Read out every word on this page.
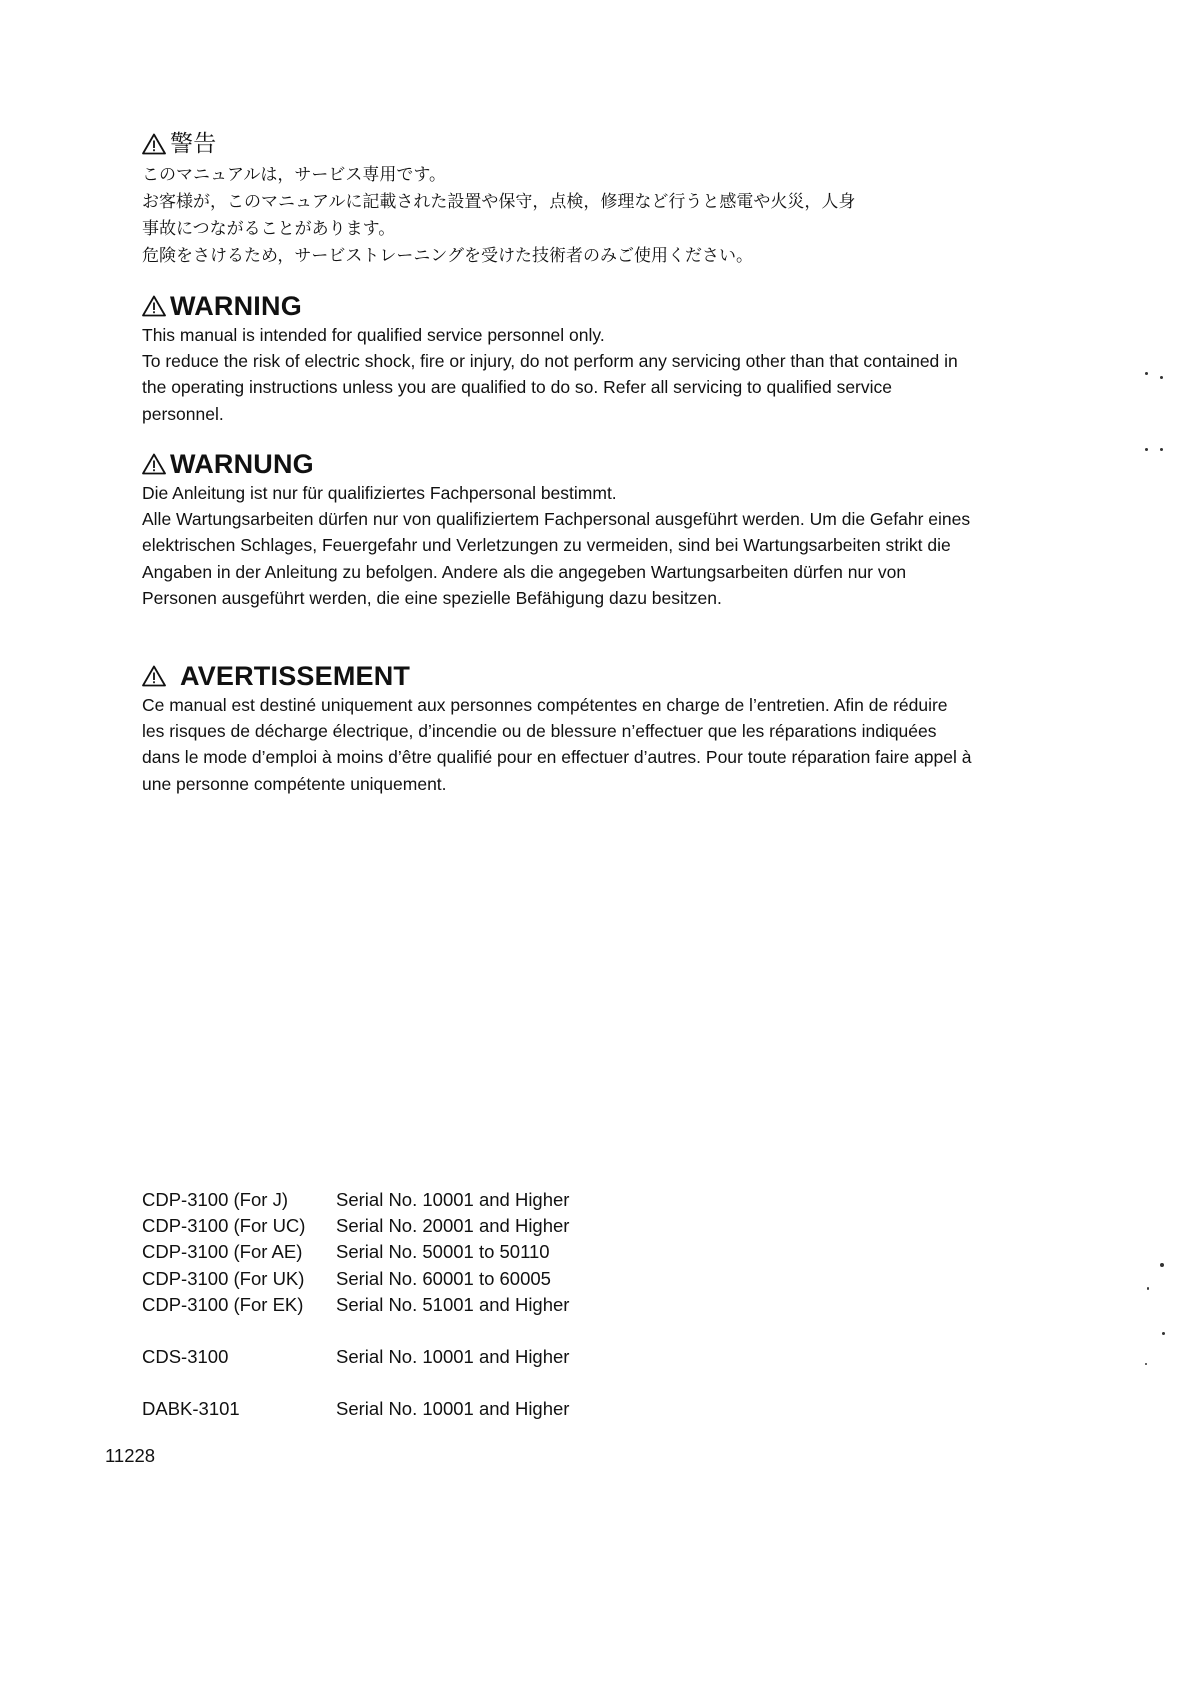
警告

このマニュアルは，サービス専用です。
お客様が，このマニュアルに記載された設置や保守，点検，修理など行うと感電や火災，人身
事故につながることがあります。
危険をさけるため，サービストレーニングを受けた技術者のみご使用ください。

WARNING

This manual is intended for qualified service personnel only.

To reduce the risk of electric shock, fire or injury, do not perform any servicing other than that contained in the operating instructions unless you are qualified to do so. Refer all servicing to qualified service personnel.

WARNUNG

Die Anleitung ist nur für qualifiziertes Fachpersonal bestimmt.

Alle Wartungsarbeiten dürfen nur von qualifiziertem Fachpersonal ausgeführt werden. Um die Gefahr eines elektrischen Schlages, Feuergefahr und Verletzungen zu vermeiden, sind bei Wartungsarbeiten strikt die Angaben in der Anleitung zu befolgen. Andere als die angegeben Wartungsarbeiten dürfen nur von Personen ausgeführt werden, die eine spezielle Befähigung dazu besitzen.

AVERTISSEMENT

Ce manual est destiné uniquement aux personnes compétentes en charge de l’entretien. Afin de réduire les risques de décharge électrique, d’incendie ou de blessure n’effectuer que les réparations indiquées dans le mode d’emploi à moins d’être qualifié pour en effectuer d’autres. Pour toute réparation faire appel à une personne compétente uniquement.

CDP-3100 (For J)	Serial No. 10001 and Higher
CDP-3100 (For UC)	Serial No. 20001 and Higher
CDP-3100 (For AE)	Serial No. 50001 to 50110
CDP-3100 (For UK)	Serial No. 60001 to 60005
CDP-3100 (For EK)	Serial No. 51001 and Higher
CDS-3100	Serial No. 10001 and Higher
DABK-3101	Serial No. 10001 and Higher
11228
